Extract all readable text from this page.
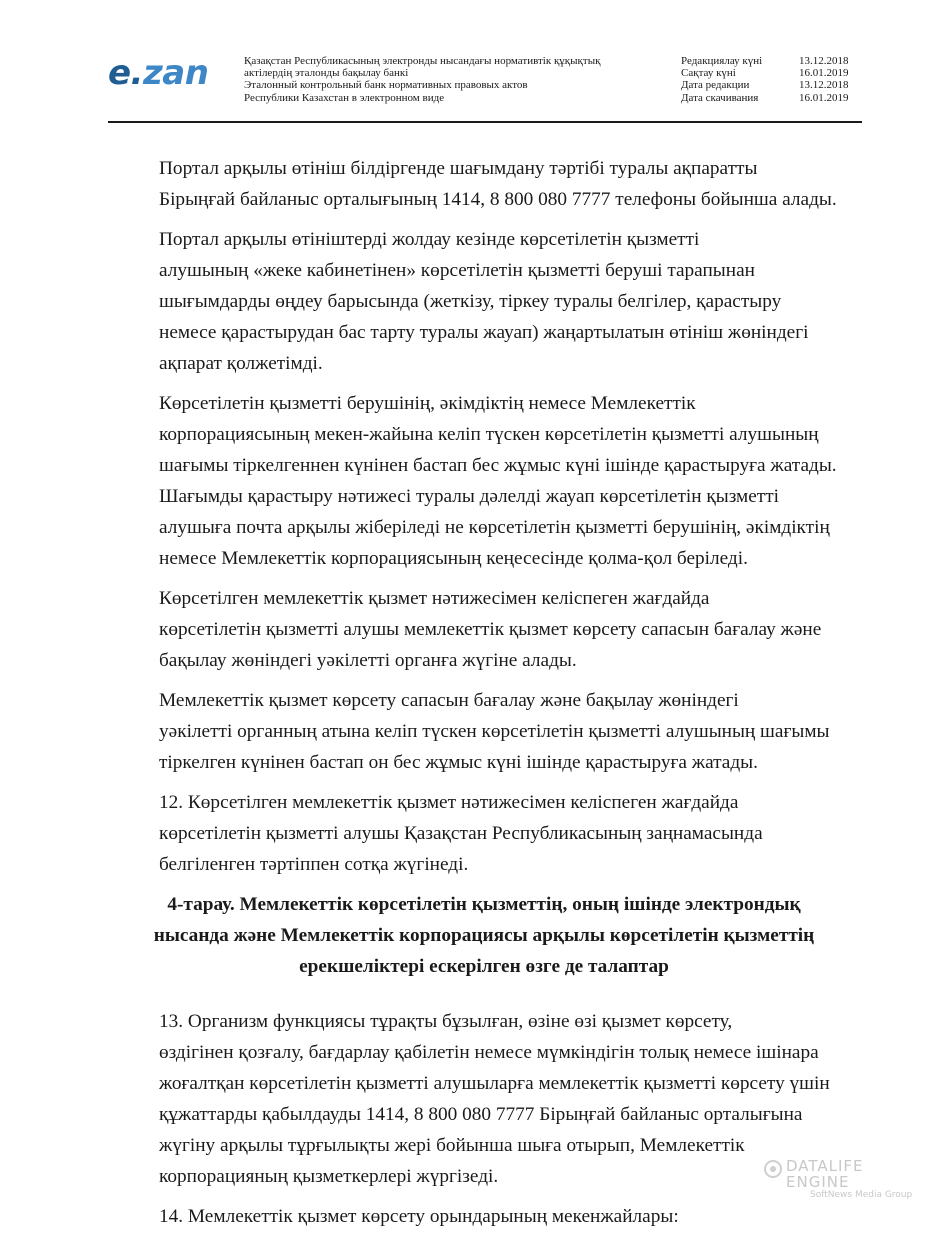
e.zan	Қазақстан Республикасының электронды нысандағы нормативтік құқықтық
актілердің эталонды бақылау банкі
Эталонный контрольный банк нормативных правовых актов
Республики Казахстан в электронном виде
Редакциялау күні	13.12.2018
Сақтау күні	16.01.2019
Дата редакции	13.12.2018
Дата скачивания	16.01.2019

Портал арқылы өтініш білдіргенде шағымдану тәртібі туралы ақпаратты
Бірыңғай байланыс орталығының 1414, 8 800 080 7777 телефоны бойынша алады.

Портал арқылы өтініштерді жолдау кезінде көрсетілетін қызметті
алушының «жеке кабинетінен» көрсетілетін қызметті беруші тарапынан
шығымдарды өңдеу барысында (жеткізу, тіркеу туралы белгілер, қарастыру
немесе қарастырудан бас тарту туралы жауап) жаңартылатын өтініш жөніндегі
ақпарат қолжетімді.

Көрсетілетін қызметті берушінің, әкімдіктің немесе Мемлекеттік
корпорациясының мекен-жайына келіп түскен көрсетілетін қызметті алушының
шағымы тіркелгеннен күнінен бастап бес жұмыс күні ішінде қарастыруға жатады.
Шағымды қарастыру нәтижесі туралы дәлелді жауап көрсетілетін қызметті
алушыға почта арқылы жіберіледі не көрсетілетін қызметті берушінің, әкімдіктің
немесе Мемлекеттік корпорациясының кеңесесінде қолма-қол беріледі.

Көрсетілген мемлекеттік қызмет нәтижесімен келіспеген жағдайда
көрсетілетін қызметті алушы мемлекеттік қызмет көрсету сапасын бағалау және
бақылау жөніндегі уәкілетті органға жүгіне алады.

Мемлекеттік қызмет көрсету сапасын бағалау және бақылау жөніндегі
уәкілетті органның атына келіп түскен көрсетілетін қызметті алушының шағымы
тіркелген күнінен бастап он бес жұмыс күні ішінде қарастыруға жатады.

12. Көрсетілген мемлекеттік қызмет нәтижесімен келіспеген жағдайда
көрсетілетін қызметті алушы Қазақстан Республикасының заңнамасында
белгіленген тәртіппен сотқа жүгінеді.

4-тарау. Мемлекеттік көрсетілетін қызметтің, оның ішінде электрондық
нысанда және Мемлекеттік корпорациясы арқылы көрсетілетін қызметтің
ерекшеліктері ескерілген өзге де талаптар

13. Организм функциясы тұрақты бұзылған, өзіне өзі қызмет көрсету,
өздігінен қозғалу, бағдарлау қабілетін немесе мүмкіндігін толық немесе ішінара
жоғалтқан көрсетілетін қызметті алушыларға мемлекеттік қызметті көрсету үшін
құжаттарды қабылдауды 1414, 8 800 080 7777 Бірыңғай байланыс орталығына
жүгіну арқылы тұрғылықты жері бойынша шыға отырып, Мемлекеттік
корпорацияның қызметкерлері жүргізеді.

14. Мемлекеттік қызмет көрсету орындарының мекенжайлары:

DATALIFE ENGINE
SoftNews Media Group
